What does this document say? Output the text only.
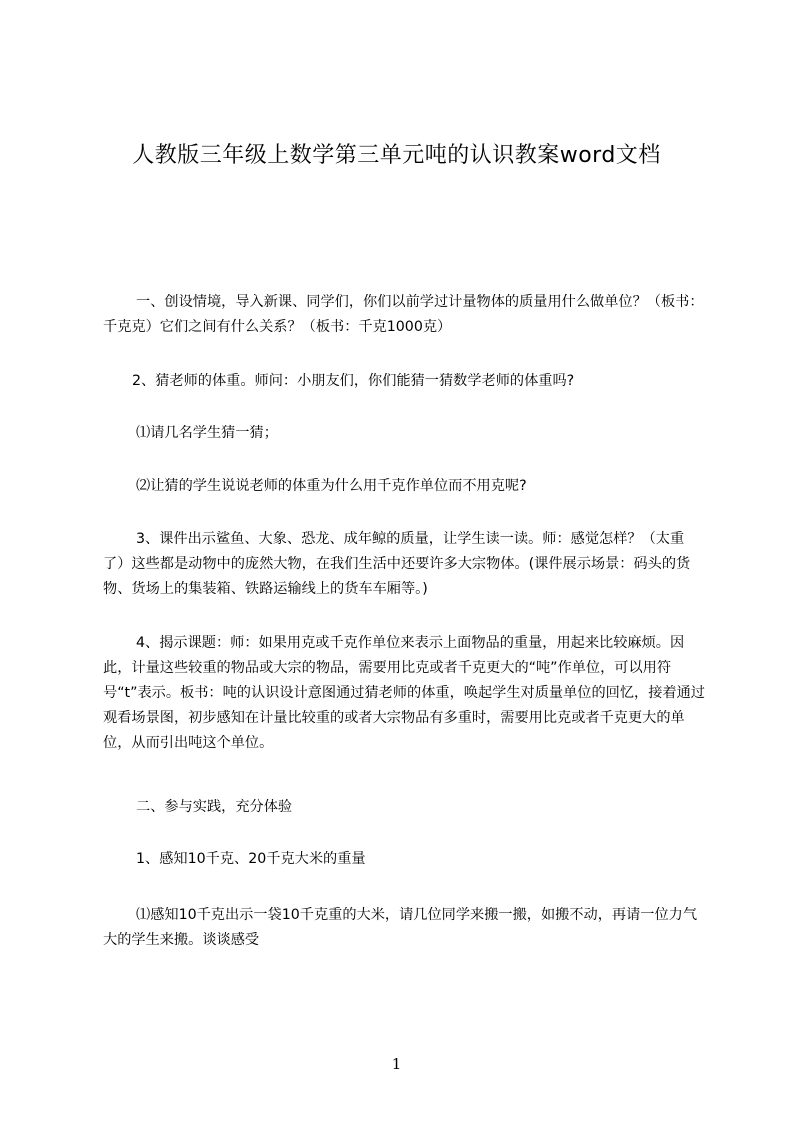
人教版三年级上数学第三单元吨的认识教案word文档

一、创设情境，导入新课、同学们，你们以前学过计量物体的质量用什么做单位？（板书：千克克）它们之间有什么关系？（板书：千克1000克）

2、猜老师的体重。师问：小朋友们，你们能猜一猜数学老师的体重吗?

⑴请几名学生猜一猜；

⑵让猜的学生说说老师的体重为什么用千克作单位而不用克呢?

3、课件出示鲨鱼、大象、恐龙、成年鲸的质量，让学生读一读。师：感觉怎样？（太重了）这些都是动物中的庞然大物，在我们生活中还要许多大宗物体。(课件展示场景：码头的货物、货场上的集装箱、铁路运输线上的货车车厢等。)

4、揭示课题：师：如果用克或千克作单位来表示上面物品的重量，用起来比较麻烦。因此，计量这些较重的物品或大宗的物品，需要用比克或者千克更大的“吨”作单位，可以用符号“t”表示。板书：吨的认识设计意图通过猜老师的体重，唤起学生对质量单位的回忆，接着通过观看场景图，初步感知在计量比较重的或者大宗物品有多重时，需要用比克或者千克更大的单位，从而引出吨这个单位。

二、参与实践，充分体验

1、感知10千克、20千克大米的重量

⑴感知10千克出示一袋10千克重的大米，请几位同学来搬一搬，如搬不动，再请一位力气大的学生来搬。谈谈感受

1
